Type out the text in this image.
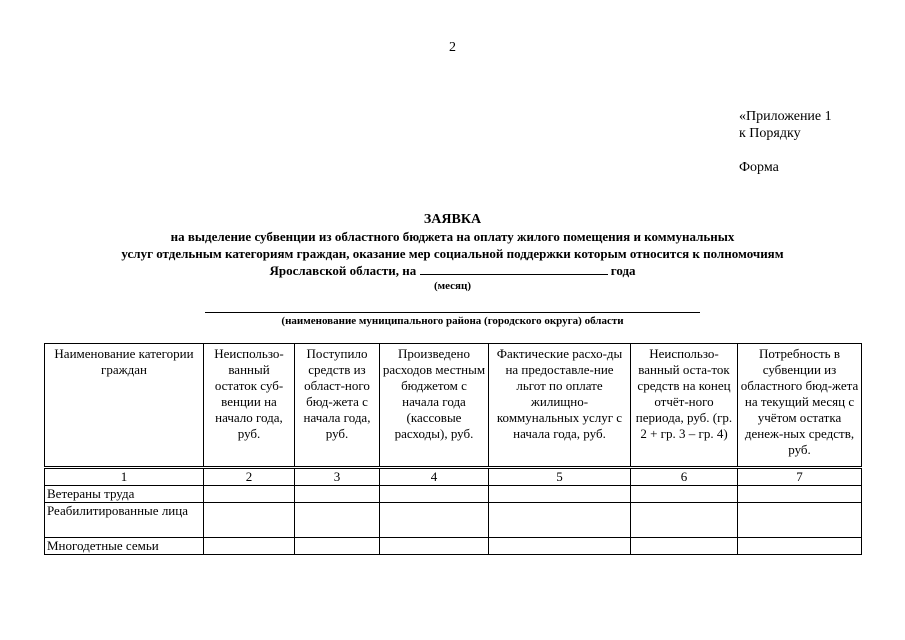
2
«Приложение 1
к Порядку
Форма
ЗАЯВКА
на выделение субвенции из областного бюджета на оплату жилого помещения и коммунальных
услуг отдельным категориям граждан, оказание мер социальной поддержки которым относится к полномочиям
Ярославской области, на	года
(месяц)
(наименование муниципального района (городского округа) области
Наименование категории граждан	Неиспользо-ванный остаток суб-венции на начало года, руб.	Поступило средств из област-ного бюд-жета с начала года, руб.	Произведено расходов местным бюджетом с начала года (кассовые расходы), руб.	Фактические расхо-ды на предоставле-ние льгот по оплате жилищно-коммунальных услуг с начала года, руб.	Неиспользо-ванный оста-ток средств на конец отчёт-ного периода, руб. (гр. 2 + гр. 3 – гр. 4)	Потребность в субвенции из областного бюд-жета на текущий месяц с учётом остатка денеж-ных средств, руб.
1	2	3	4	5	6	7
Ветераны труда						
Реабилитированные лица						
Многодетные семьи						
